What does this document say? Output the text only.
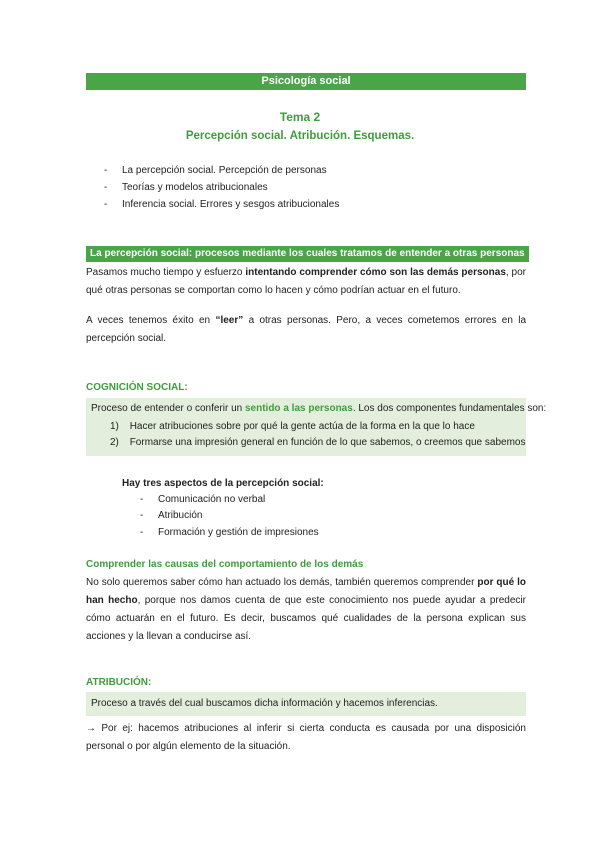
Psicología social
Tema 2
Percepción social. Atribución. Esquemas.
- La percepción social. Percepción de personas
- Teorías y modelos atribucionales
- Inferencia social. Errores y sesgos atribucionales
La percepción social: procesos mediante los cuales tratamos de entender a otras personas
Pasamos mucho tiempo y esfuerzo intentando comprender cómo son las demás personas, por qué otras personas se comportan como lo hacen y cómo podrían actuar en el futuro.
A veces tenemos éxito en “leer” a otras personas. Pero, a veces cometemos errores en la percepción social.
COGNICIÓN SOCIAL:
Proceso de entender o conferir un sentido a las personas. Los dos componentes fundamentales son:
1) Hacer atribuciones sobre por qué la gente actúa de la forma en la que lo hace
2) Formarse una impresión general en función de lo que sabemos, o creemos que sabemos
Hay tres aspectos de la percepción social:
- Comunicación no verbal
- Atribución
- Formación y gestión de impresiones
Comprender las causas del comportamiento de los demás
No solo queremos saber cómo han actuado los demás, también queremos comprender por qué lo han hecho, porque nos damos cuenta de que este conocimiento nos puede ayudar a predecir cómo actuarán en el futuro. Es decir, buscamos qué cualidades de la persona explican sus acciones y la llevan a conducirse así.
ATRIBUCIÓN:
Proceso a través del cual buscamos dicha información y hacemos inferencias.
→ Por ej: hacemos atribuciones al inferir si cierta conducta es causada por una disposición personal o por algún elemento de la situación.
